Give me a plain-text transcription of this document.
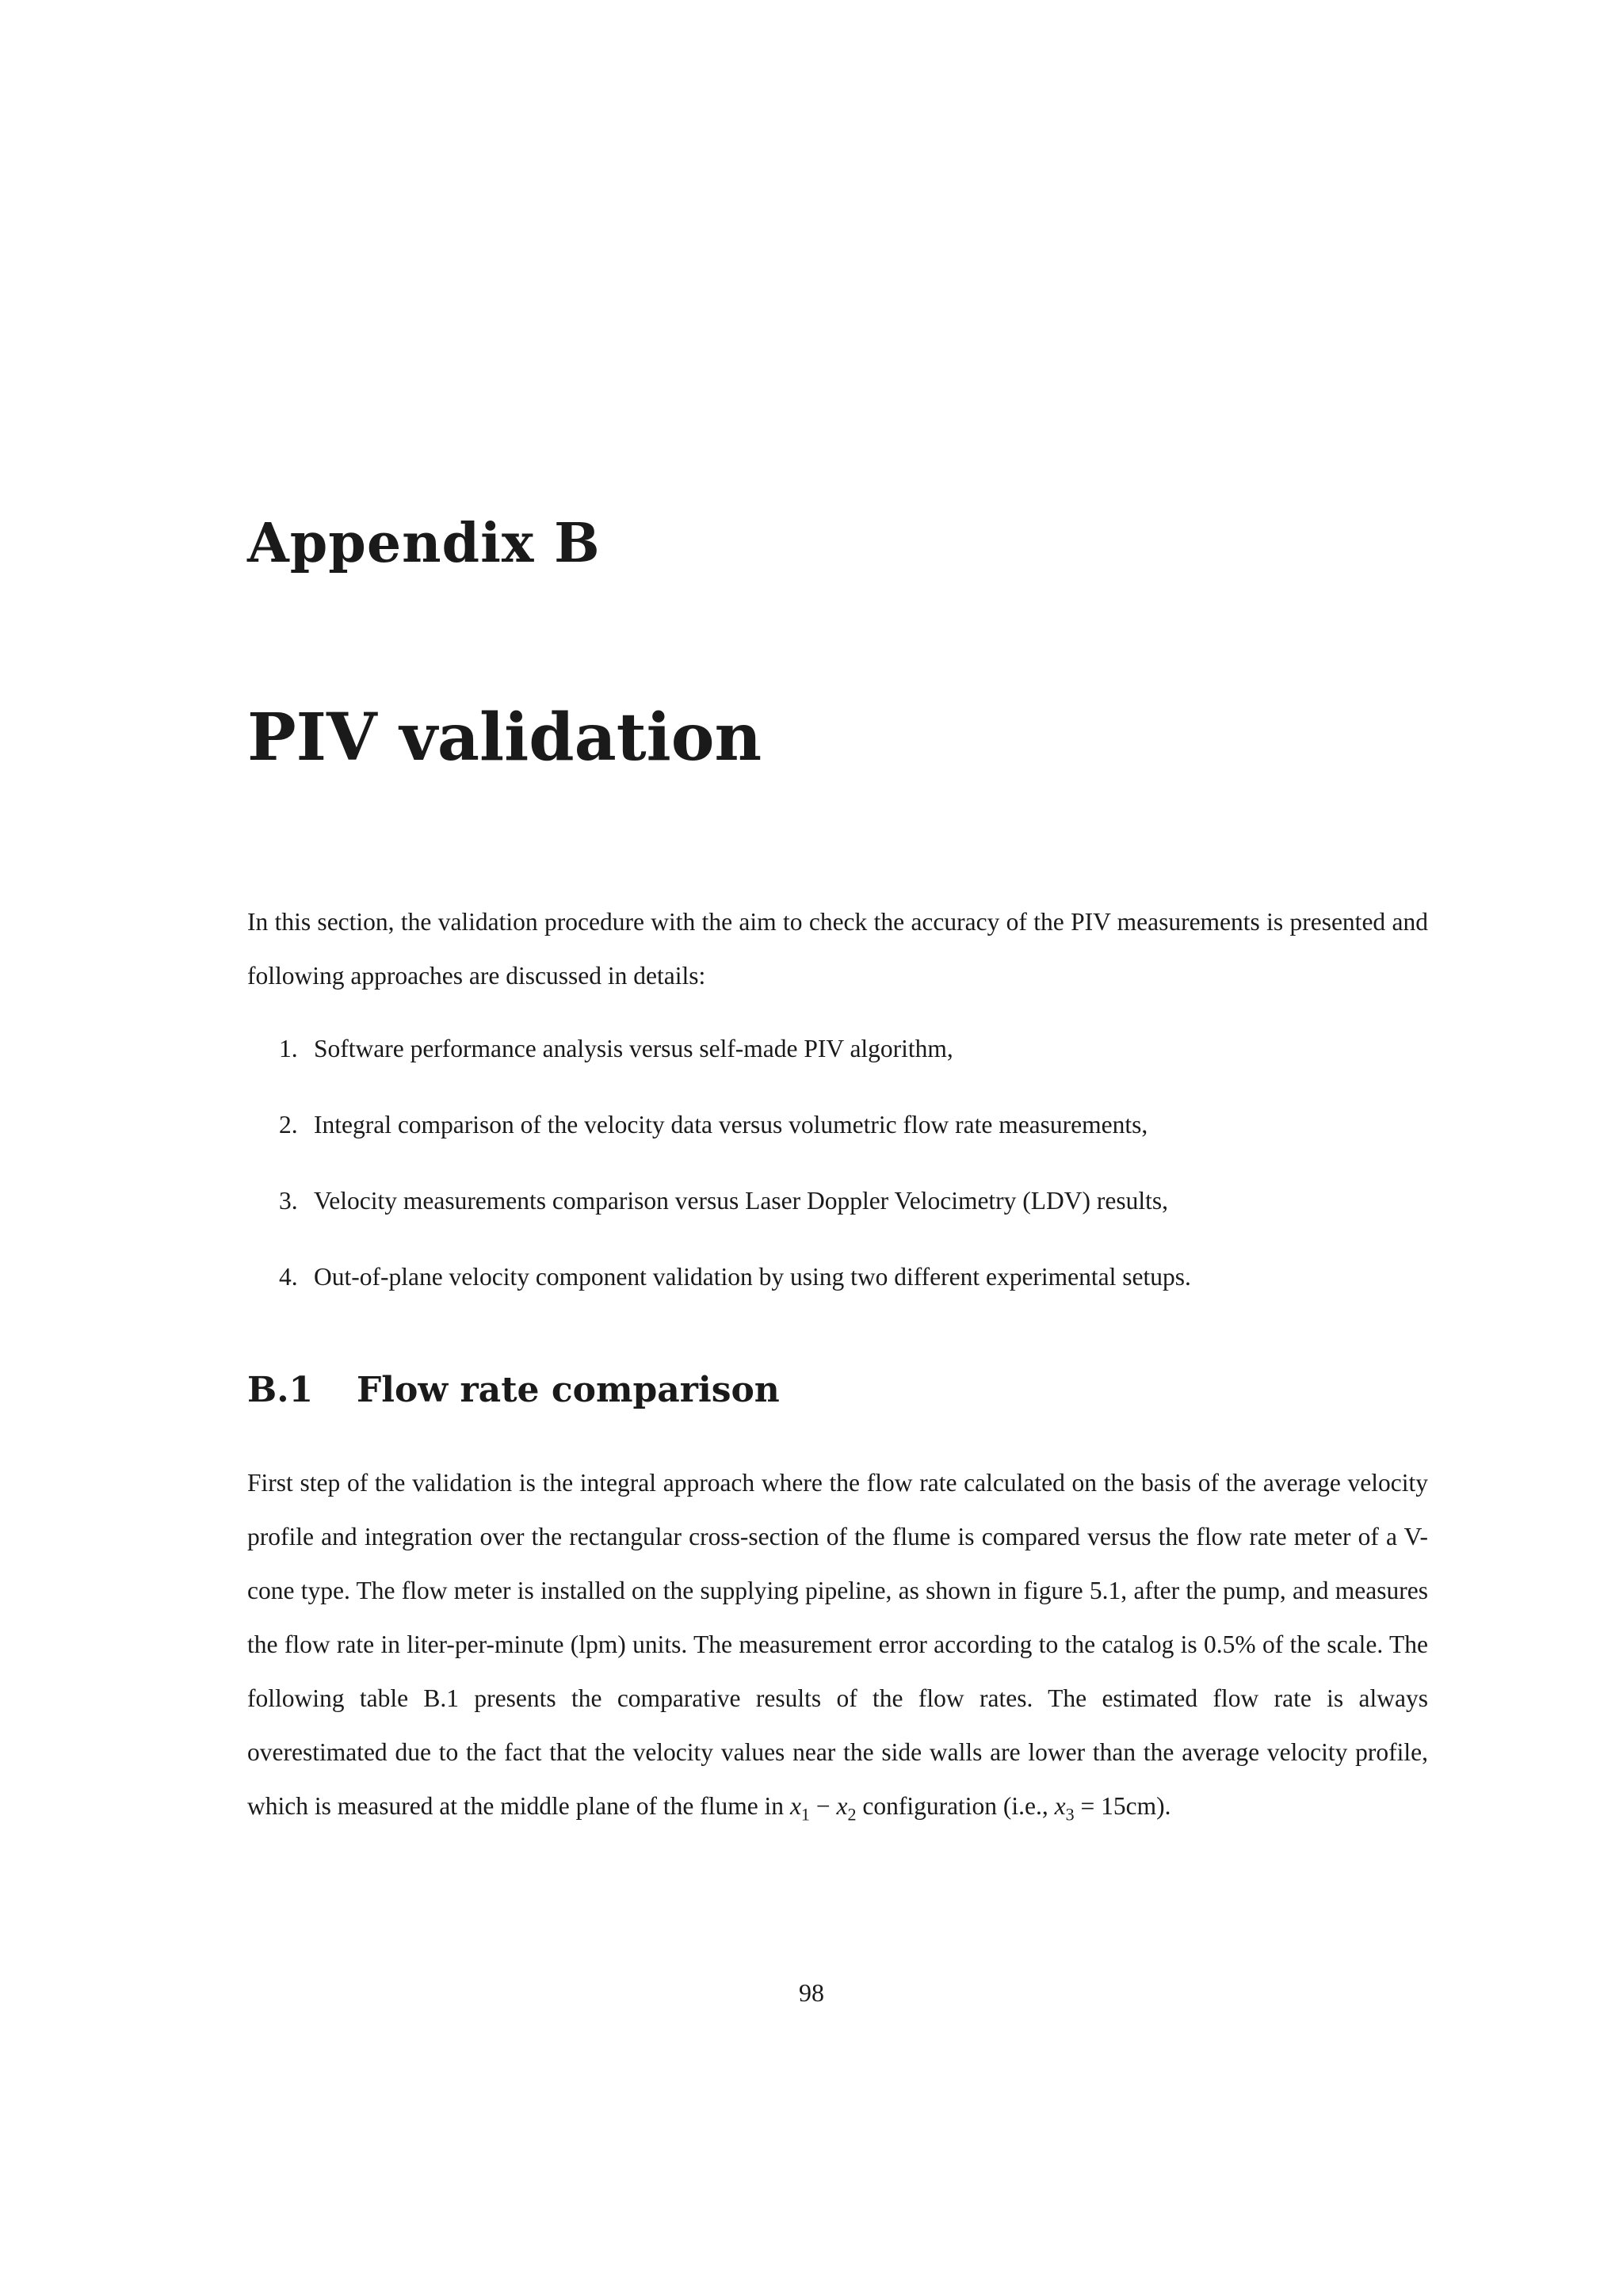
Appendix B
PIV validation

In this section, the validation procedure with the aim to check the accuracy of the PIV measurements is presented and following approaches are discussed in details:

1. Software performance analysis versus self-made PIV algorithm,
2. Integral comparison of the velocity data versus volumetric flow rate measurements,
3. Velocity measurements comparison versus Laser Doppler Velocimetry (LDV) results,
4. Out-of-plane velocity component validation by using two different experimental setups.
B.1	Flow rate comparison

First step of the validation is the integral approach where the flow rate calculated on the basis of the average velocity profile and integration over the rectangular cross-section of the flume is compared versus the flow rate meter of a V-cone type. The flow meter is installed on the supplying pipeline, as shown in figure 5.1, after the pump, and measures the flow rate in liter-per-minute (lpm) units. The measurement error according to the catalog is 0.5% of the scale. The following table B.1 presents the comparative results of the flow rates. The estimated flow rate is always overestimated due to the fact that the velocity values near the side walls are lower than the average velocity profile, which is measured at the middle plane of the flume in $x_1 - x_2$ configuration (i.e., $x_3 = 15cm$).

98
